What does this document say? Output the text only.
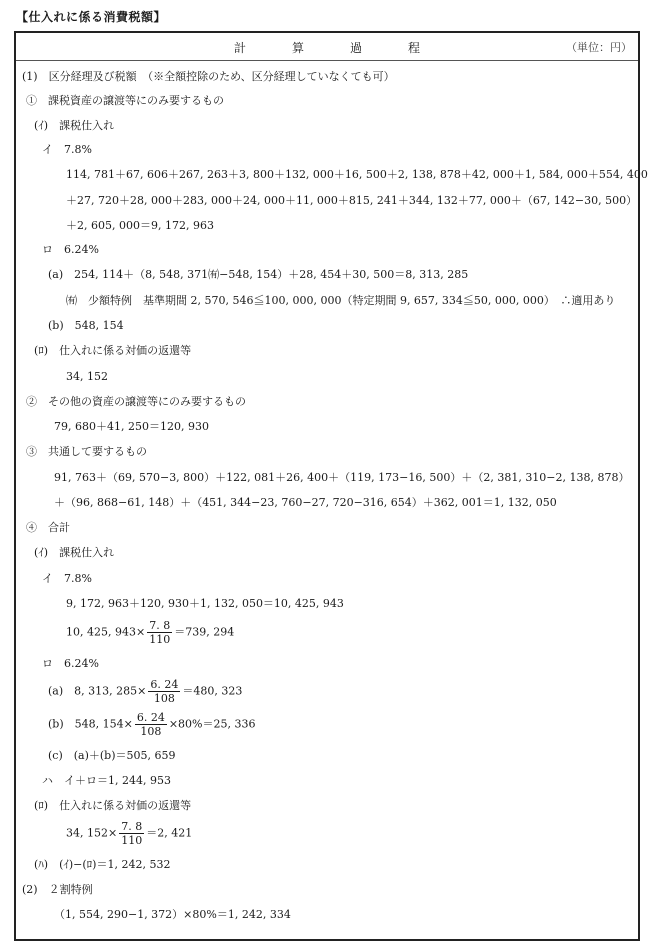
【仕入れに係る消費税額】
計	算	過	程	（単位：円）
(1)　区分経理及び税額　（※全額控除のため、区分経理していなくても可）
①　課税資産の譲渡等にのみ要するもの
(ｲ)　課税仕入れ
イ　7.8%
114, 781＋67, 606＋267, 263＋3, 800＋132, 000＋16, 500＋2, 138, 878＋42, 000＋1, 584, 000＋554, 400
＋27, 720＋28, 000＋283, 000＋24, 000＋11, 000＋815, 241＋344, 132＋77, 000＋（67, 142−30, 500）
＋2, 605, 000＝9, 172, 963
ロ　6.24%
(a)　254, 114＋（8, 548, 371㈲−548, 154）＋28, 454＋30, 500＝8, 313, 285
㈲　少額特例　基準期間 2, 570, 546≦100, 000, 000（特定期間 9, 657, 334≦50, 000, 000）　∴適用あり
(b)　548, 154
(ﾛ)　仕入れに係る対価の返還等
34, 152
②　その他の資産の譲渡等にのみ要するもの
79, 680＋41, 250＝120, 930
③　共通して要するもの
91, 763＋（69, 570−3, 800）＋122, 081＋26, 400＋（119, 173−16, 500）＋（2, 381, 310−2, 138, 878）
＋（96, 868−61, 148）＋（451, 344−23, 760−27, 720−316, 654）＋362, 001＝1, 132, 050
④　合計
(ｲ)　課税仕入れ
イ　7.8%
9, 172, 963＋120, 930＋1, 132, 050＝10, 425, 943
10, 425, $943\times \frac{7. 8}{110} =739$, 294
ロ　6.24%
(a)　8, 313, $285\times \frac{6. 24}{108} =480$, 323
(b)　548, $154\times \frac{6. 24}{108} \times 80\%=25$, 336
(c)　(a)＋(b)＝505, 659
ハ　イ＋ロ＝1, 244, 953
(ﾛ)　仕入れに係る対価の返還等
34, $152\times \frac{7. 8}{110} =2$, 421
(ﾊ)　(ｲ)−(ﾛ)＝1, 242, 532
(2)　２割特例
（1, 554, 290−1, 372）×80%＝1, 242, 334
